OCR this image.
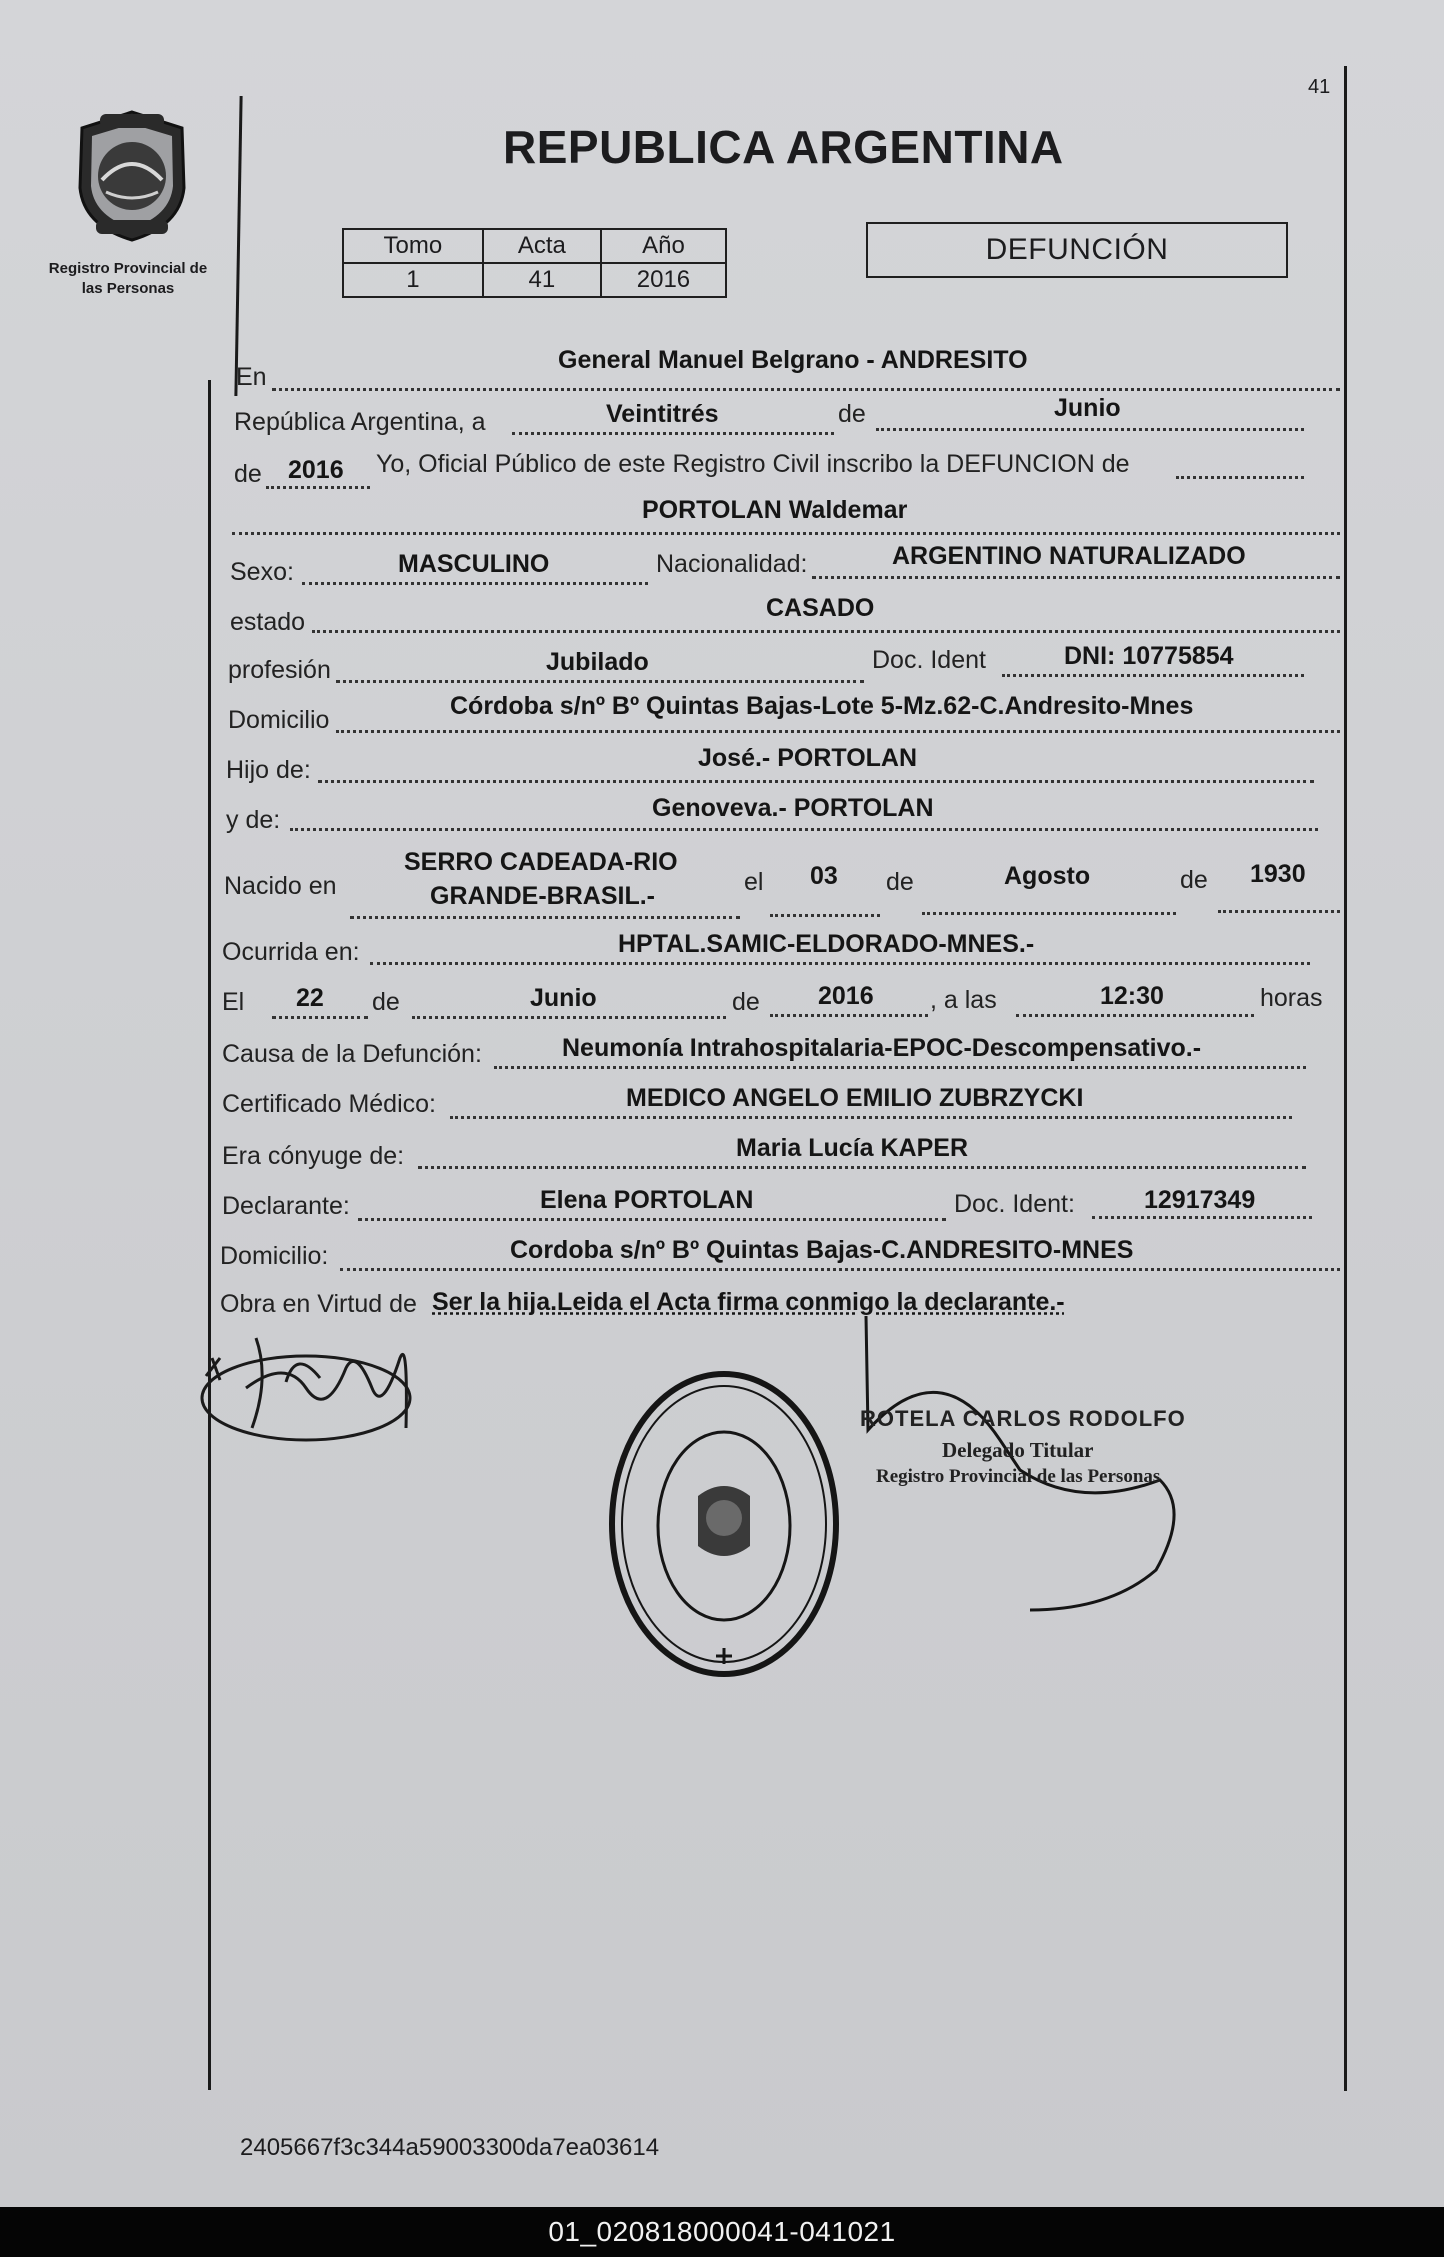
41
Registro Provincial de
las Personas
REPUBLICA ARGENTINA
Tomo	Acta	Año
1	41	2016
DEFUNCIÓN
En
General Manuel Belgrano - ANDRESITO
República Argentina, a	Veintitrés	de	Junio
de 2016 Yo, Oficial Público de este Registro Civil inscribo la DEFUNCION de
PORTOLAN Waldemar
Sexo:	MASCULINO	Nacionalidad:	ARGENTINO NATURALIZADO
estado	CASADO
profesión	Jubilado	Doc. Ident	DNI: 10775854
Domicilio	Córdoba s/nº Bº Quintas Bajas-Lote 5-Mz.62-C.Andresito-Mnes
Hijo de:	José.- PORTOLAN
y de:	Genoveva.- PORTOLAN
Nacido en
SERRO CADEADA-RIO
GRANDE-BRASIL.-	el 03 de	Agosto	de 1930
Ocurrida en:	HPTAL.SAMIC-ELDORADO-MNES.-
El 22 de	Junio	de 2016 , a las	12:30	horas
Causa de la Defunción:	Neumonía Intrahospitalaria-EPOC-Descompensativo.-
Certificado Médico:	MEDICO ANGELO EMILIO ZUBRZYCKI
Era cónyuge de:	Maria Lucía KAPER
Declarante:	Elena PORTOLAN	Doc. Ident:	12917349
Domicilio:	Cordoba s/nº Bº Quintas Bajas-C.ANDRESITO-MNES
Obra en Virtud de Ser la hija.Leida el Acta firma conmigo la declarante.-
ROTELA CARLOS RODOLFO
Delegado Titular
Registro Provincial de las Personas
2405667f3c344a59003300da7ea03614
01_020818000041-041021
